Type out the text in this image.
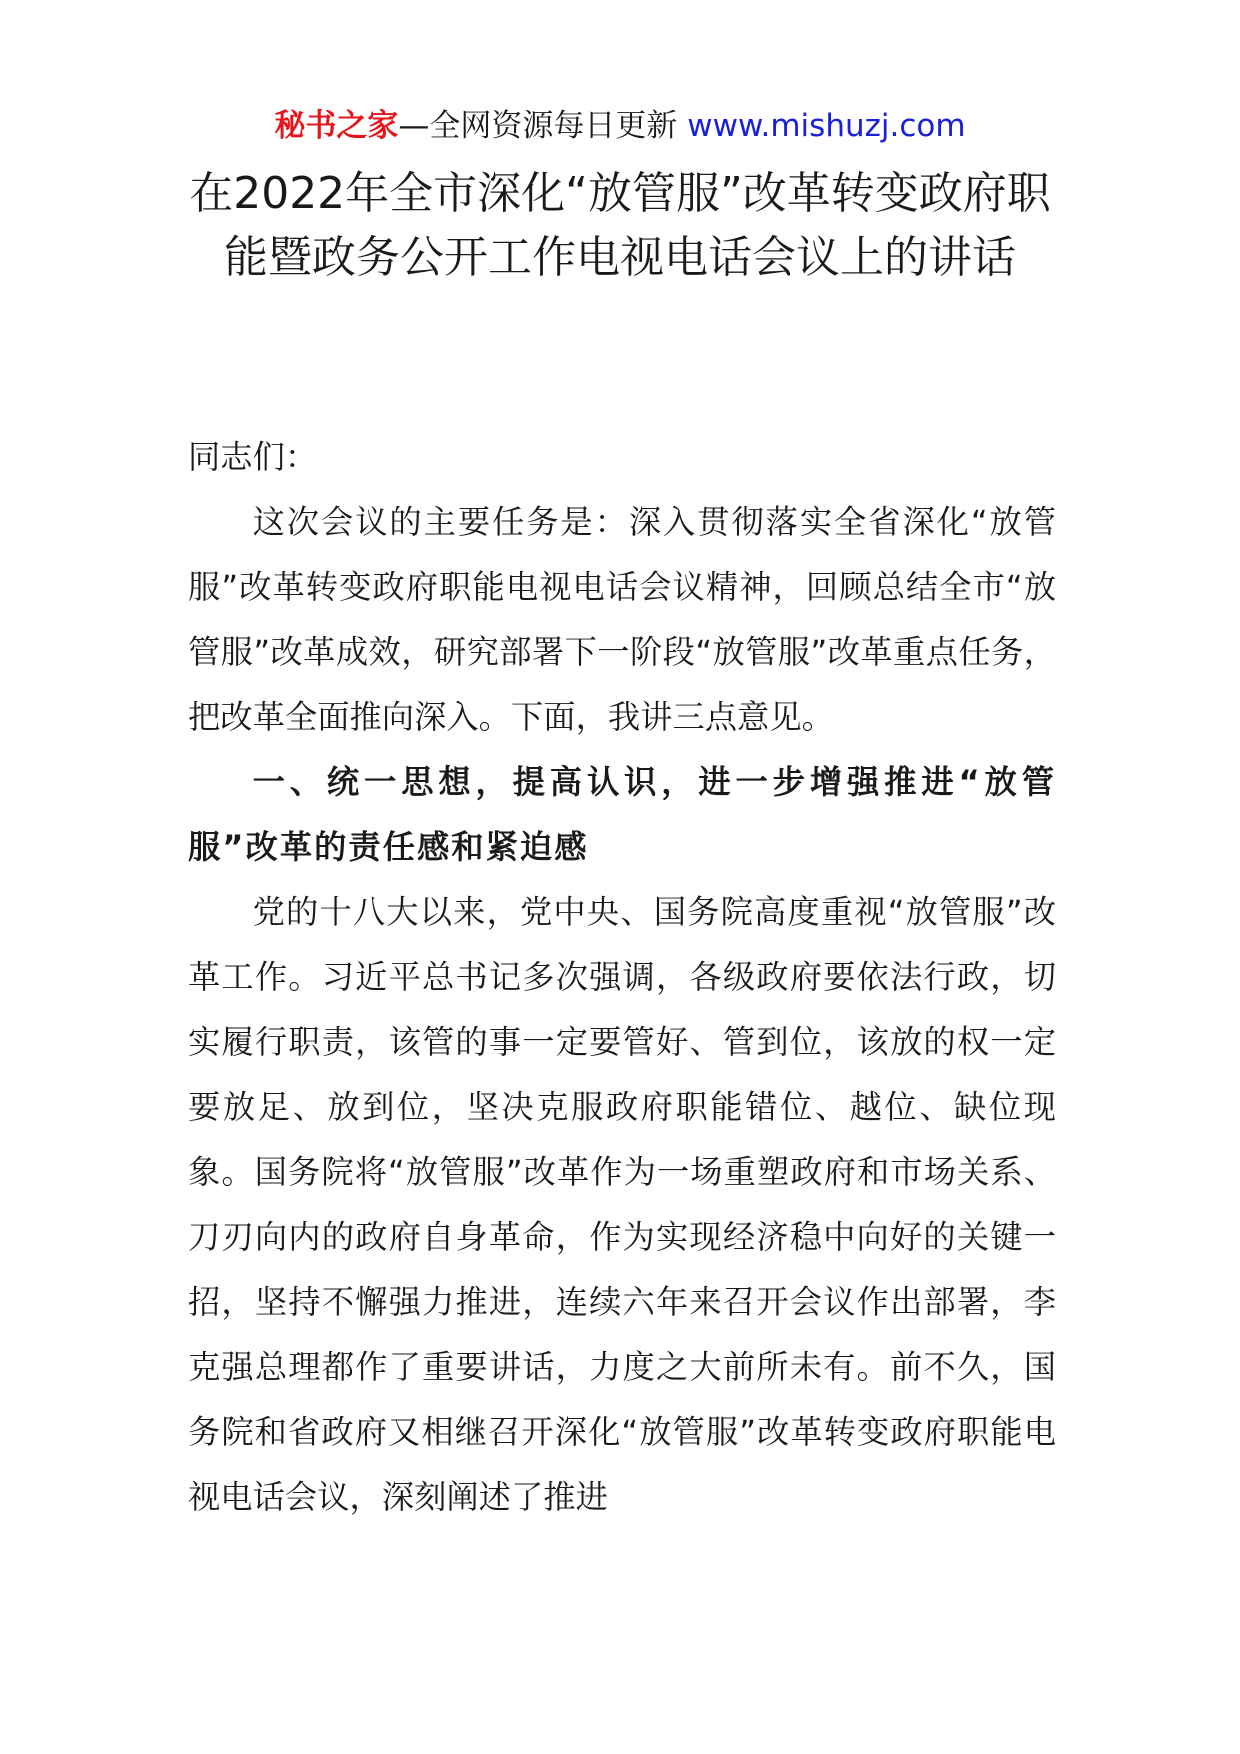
秘书之家—全网资源每日更新 www.mishuzj.com
在2022年全市深化“放管服”改革转变政府职能暨政务公开工作电视电话会议上的讲话

同志们：

这次会议的主要任务是：深入贯彻落实全省深化“放管服”改革转变政府职能电视电话会议精神，回顾总结全市“放管服”改革成效，研究部署下一阶段“放管服”改革重点任务，把改革全面推向深入。下面，我讲三点意见。

一、统一思想，提高认识，进一步增强推进“放管服”改革的责任感和紧迫感

党的十八大以来，党中央、国务院高度重视“放管服”改革工作。习近平总书记多次强调，各级政府要依法行政，切实履行职责，该管的事一定要管好、管到位，该放的权一定要放足、放到位，坚决克服政府职能错位、越位、缺位现象。国务院将“放管服”改革作为一场重塑政府和市场关系、刀刃向内的政府自身革命，作为实现经济稳中向好的关键一招，坚持不懈强力推进，连续六年来召开会议作出部署，李克强总理都作了重要讲话，力度之大前所未有。前不久，国务院和省政府又相继召开深化“放管服”改革转变政府职能电视电话会议，深刻阐述了推进
